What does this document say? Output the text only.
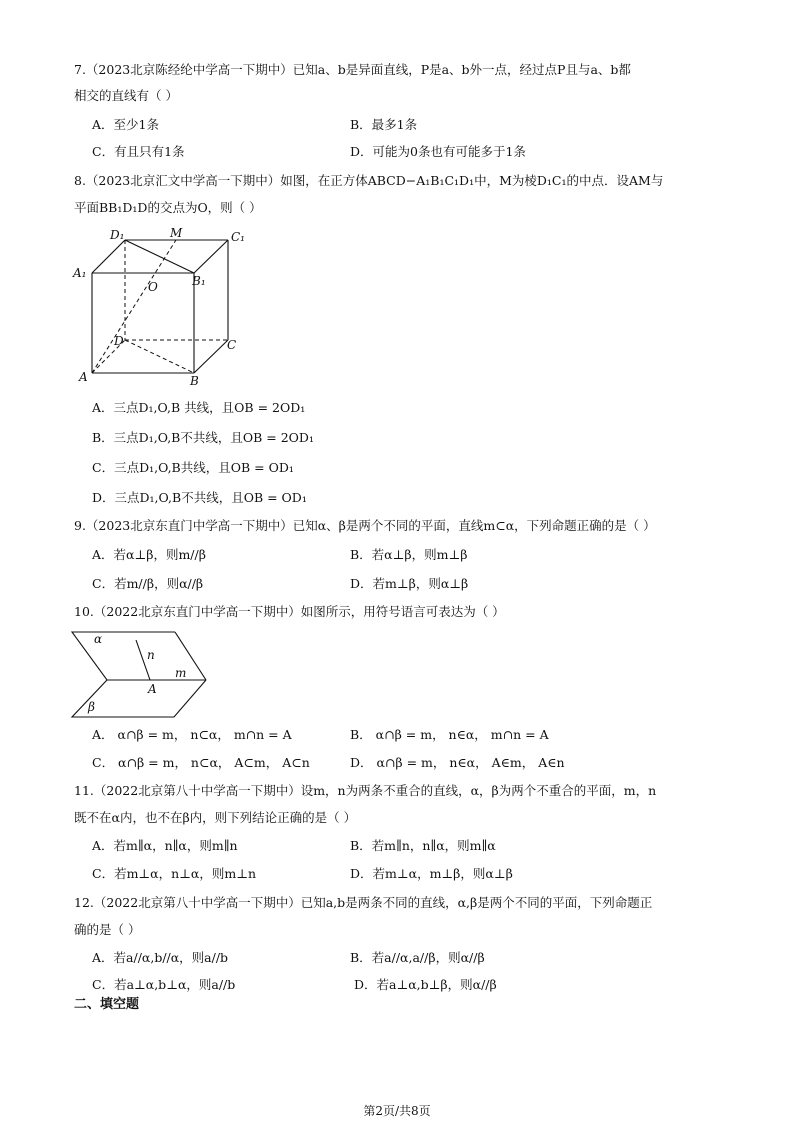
7.（2023北京陈经纶中学高一下期中）已知a、b是异面直线，P是a、b外一点，经过点P且与a、b都
相交的直线有（ ）
A．至少1条	B．最多1条
C．有且只有1条	D．可能为0条也有可能多于1条
8.（2023北京汇文中学高一下期中）如图，在正方体ABCD−A₁B₁C₁D₁中，M为棱D₁C₁的中点．设AM与
平面BB₁D₁D的交点为O，则（ ）
D₁	M	C₁
A₁
B₁
O
D	C
A	B
A．三点D₁,O,B 共线，且OB = 2OD₁
B．三点D₁,O,B不共线，且OB = 2OD₁
C．三点D₁,O,B共线，且OB = OD₁
D．三点D₁,O,B不共线，且OB = OD₁
9.（2023北京东直门中学高一下期中）已知α、β是两个不同的平面，直线m⊂α，下列命题正确的是（ ）
A．若α⊥β，则m//β	B．若α⊥β，则m⊥β
C．若m//β，则α//β	D．若m⊥β，则α⊥β
10.（2022北京东直门中学高一下期中）如图所示，用符号语言可表达为（ ）
α
n
m
A
β
A． α∩β = m， n⊂α， m∩n = A	B． α∩β = m， n∈α， m∩n = A
C． α∩β = m， n⊂α， A⊂m， A⊂n	D． α∩β = m， n∈α， A∈m， A∈n
11.（2022北京第八十中学高一下期中）设m，n为两条不重合的直线，α，β为两个不重合的平面，m，n
既不在α内，也不在β内，则下列结论正确的是（ ）
A．若m∥α，n∥α，则m∥n	B．若m∥n，n∥α，则m∥α
C．若m⊥α，n⊥α，则m⊥n	D．若m⊥α，m⊥β，则α⊥β
12.（2022北京第八十中学高一下期中）已知a,b是两条不同的直线，α,β是两个不同的平面，下列命题正
确的是（ ）
A．若a//α,b//α，则a//b	B．若a//α,a//β，则α//β
C．若a⊥α,b⊥α，则a//b	D．若a⊥α,b⊥β，则α//β
二、填空题
第2页/共8页
